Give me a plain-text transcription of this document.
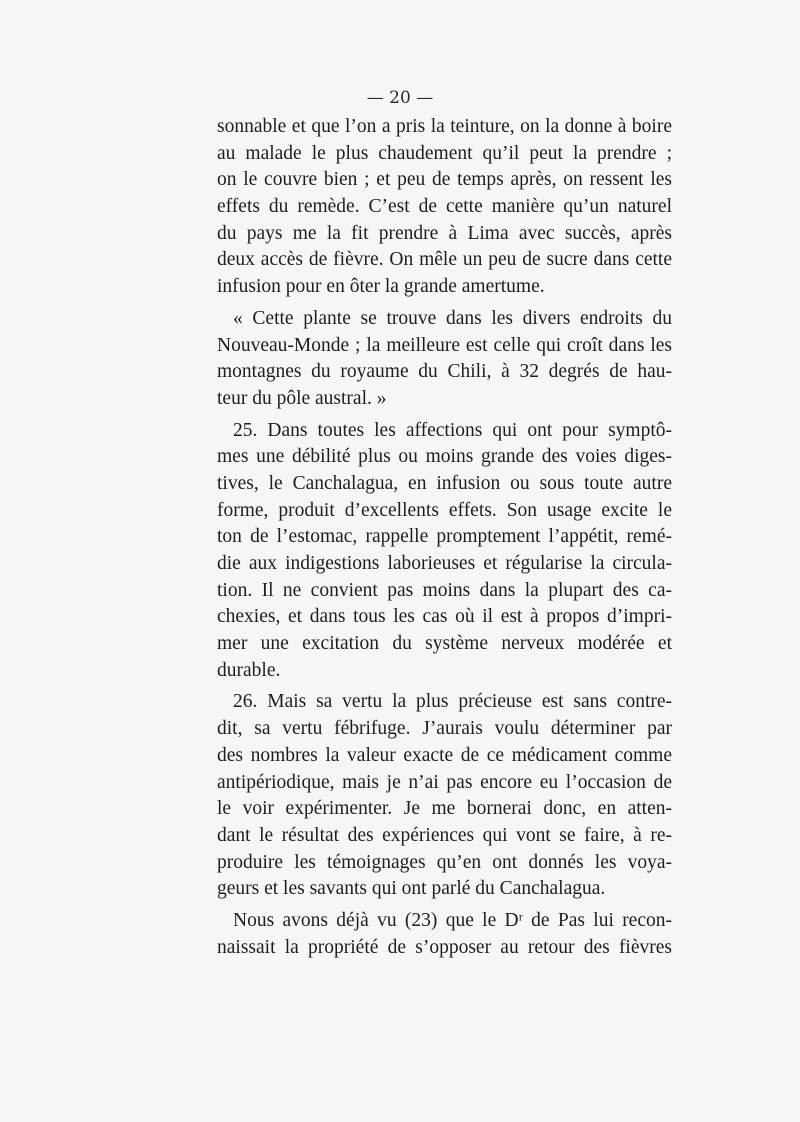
— 20 —
sonnable et que l’on a pris la teinture, on la donne à boire
au malade le plus chaudement qu’il peut la prendre ;
on le couvre bien ; et peu de temps après, on ressent les
effets du remède. C’est de cette manière qu’un naturel
du pays me la fit prendre à Lima avec succès, après
deux accès de fièvre. On mêle un peu de sucre dans cette
infusion pour en ôter la grande amertume.
« Cette plante se trouve dans les divers endroits du
Nouveau-Monde ; la meilleure est celle qui croît dans les
montagnes du royaume du Chili, à 32 degrés de hau-
teur du pôle austral. »
25. Dans toutes les affections qui ont pour symptô-
mes une débilité plus ou moins grande des voies diges-
tives, le Canchalagua, en infusion ou sous toute autre
forme, produit d’excellents effets. Son usage excite le
ton de l’estomac, rappelle promptement l’appétit, remé-
die aux indigestions laborieuses et régularise la circula-
tion. Il ne convient pas moins dans la plupart des ca-
chexies, et dans tous les cas où il est à propos d’impri-
mer une excitation du système nerveux modérée et
durable.
26. Mais sa vertu la plus précieuse est sans contre-
dit, sa vertu fébrifuge. J’aurais voulu déterminer par
des nombres la valeur exacte de ce médicament comme
antipériodique, mais je n’ai pas encore eu l’occasion de
le voir expérimenter. Je me bornerai donc, en atten-
dant le résultat des expériences qui vont se faire, à re-
produire les témoignages qu’en ont donnés les voya-
geurs et les savants qui ont parlé du Canchalagua.
Nous avons déjà vu (23) que le Dʳ de Pas lui recon-
naissait la propriété de s’opposer au retour des fièvres
